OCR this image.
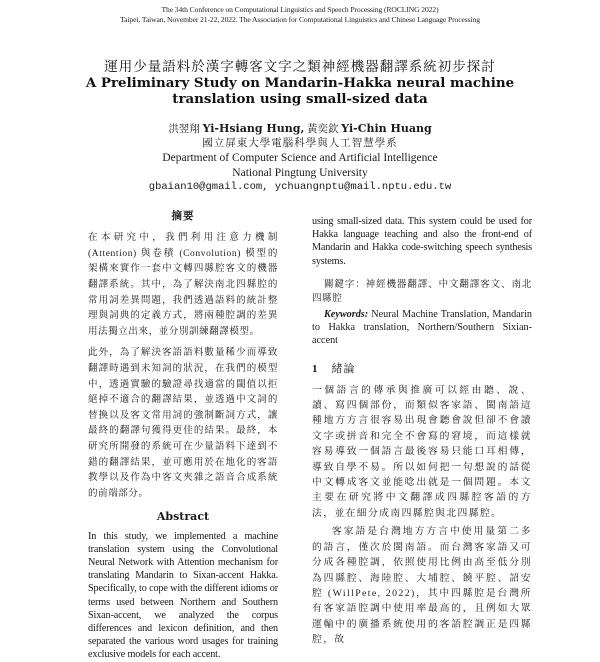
The 34th Conference on Computational Linguistics and Speech Processing (ROCLING 2022)
Taipei, Taiwan, November 21-22, 2022. The Association for Computational Linguistics and Chinese Language Processing
運用少量語料於漢字轉客文字之類神經機器翻譯系統初步探討
A Preliminary Study on Mandarin-Hakka neural machine
translation using small-sized data
洪翌翔 Yi-Hsiang Hung, 黃奕欽 Yi-Chin Huang
國立屏東大學電腦科學與人工智慧學系
Department of Computer Science and Artificial Intelligence
National Pingtung University
gbaian10@gmail.com, ychuangnptu@mail.nptu.edu.tw
摘要

在本研究中，我們利用注意力機制 (Attention) 與卷積 (Convolution) 模型的架構來實作一套中文轉四縣腔客文的機器翻譯系統。其中，為了解決南北四縣腔的常用詞差異問題，我們透過語料的統計整理與詞典的定義方式，將兩種腔調的差異用法獨立出來，並分別訓練翻譯模型。

此外，為了解決客語語料數量稀少而導致翻譯時遇到未知詞的狀況，在我們的模型中，透過實驗的驗證尋找適當的閾值以拒絕掉不適合的翻譯結果，並透過中文詞的替換以及客文常用詞的強制斷詞方式，讓最終的翻譯句獲得更佳的結果。最終，本研究所開發的系統可在少量語料下達到不錯的翻譯結果，並可應用於在地化的客語教學以及作為中客文夾雜之語音合成系統的前端部分。

Abstract

In this study, we implemented a machine translation system using the Convolutional Neural Network with Attention mechanism for translating Mandarin to Sixan-accent Hakka. Specifically, to cope with the different idioms or terms used between Northern and Southern Sixan-accent, we analyzed the corpus differences and lexicon definition, and then separated the various word usages for training exclusive models for each accent.

using small-sized data. This system could be used for Hakka language teaching and also the front-end of Mandarin and Hakka code-switching speech synthesis systems.

關鍵字：神經機器翻譯、中文翻譯客文、南北四縣腔

Keywords: Neural Machine Translation, Mandarin to Hakka translation, Northern/Southern Sixian-accent

1 緒論

一個語言的傳承與推廣可以經由聽、說、讀、寫四個部份，而類似客家語、閩南語這種地方方言很容易出現會聽會說但卻不會讀文字或拼音和完全不會寫的窘境，而這樣就容易導致一個語言最後容易只能口耳相傳，導致自學不易。所以如何把一句想說的話從中文轉成客文並能唸出就是一個問題。本文主要在研究將中文翻譯成四縣腔客語的方法，並在細分成南四縣腔與北四縣腔。

客家語是台灣地方方言中使用量第二多的語言，僅次於閩南語。而台灣客家語又可分成各種腔調，依照使用比例由高至低分別為四縣腔、海陸腔、大埔腔、饒平腔、詔安腔 (WillPete, 2022)，其中四縣腔是台灣所有客家語腔調中使用率最高的，且例如大眾運輸中的廣播系統使用的客語腔調正是四縣腔，故
